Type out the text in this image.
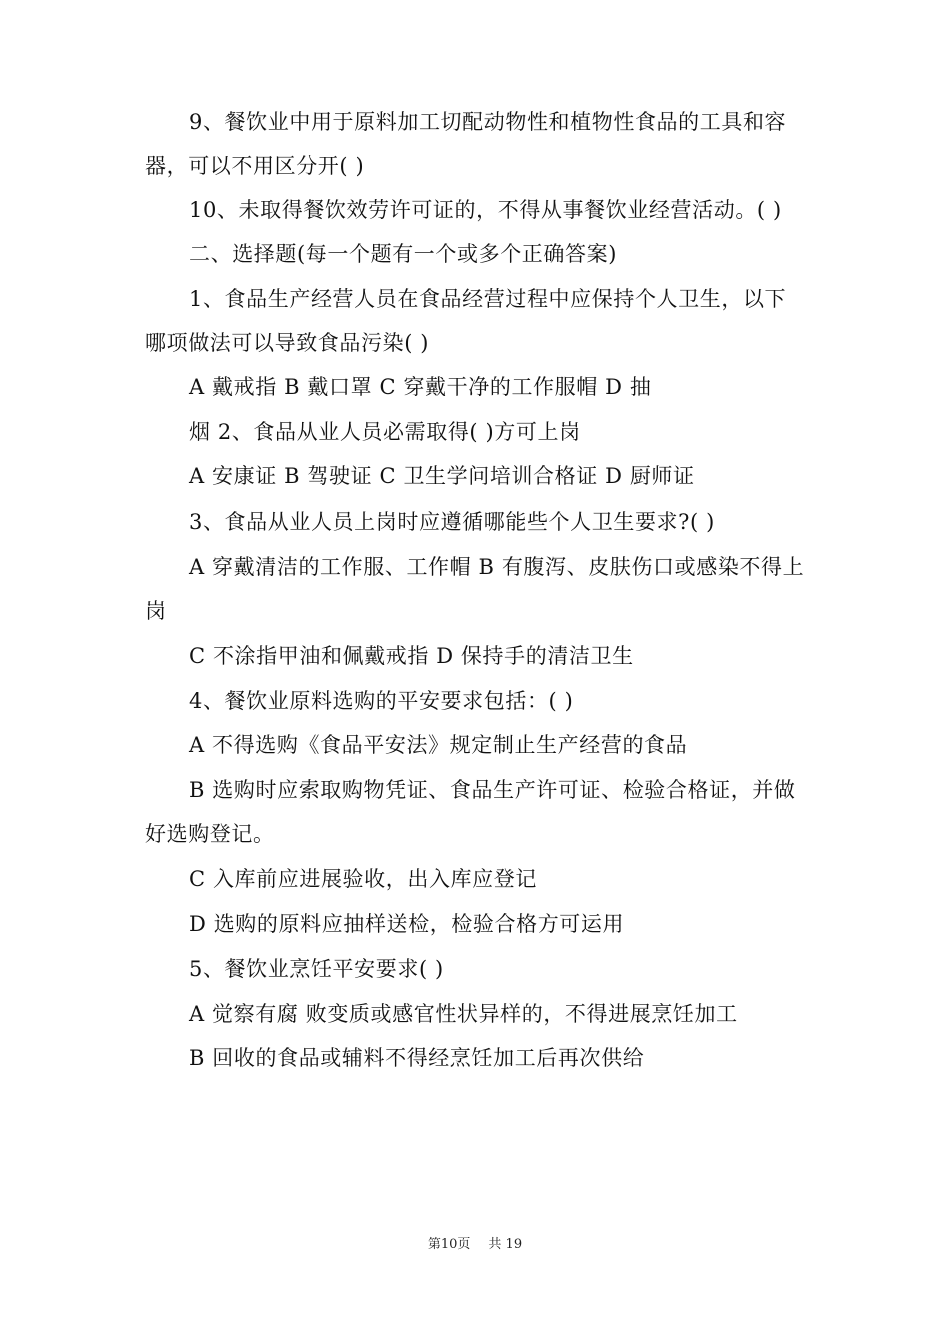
9、餐饮业中用于原料加工切配动物性和植物性食品的工具和容
器，可以不用区分开( )
10、未取得餐饮效劳许可证的，不得从事餐饮业经营活动。( )
二、选择题(每一个题有一个或多个正确答案)
1、食品生产经营人员在食品经营过程中应保持个人卫生，以下
哪项做法可以导致食品污染( )
A 戴戒指 B 戴口罩 C 穿戴干净的工作服帽 D 抽
烟 2、食品从业人员必需取得( )方可上岗
A 安康证 B 驾驶证 C 卫生学问培训合格证 D 厨师证
3、食品从业人员上岗时应遵循哪能些个人卫生要求?( )
A 穿戴清洁的工作服、工作帽 B 有腹泻、皮肤伤口或感染不得上
岗
C 不涂指甲油和佩戴戒指 D 保持手的清洁卫生
4、餐饮业原料选购的平安要求包括：( )
A 不得选购《食品平安法》规定制止生产经营的食品
B 选购时应索取购物凭证、食品生产许可证、检验合格证，并做
好选购登记。
C 入库前应进展验收，出入库应登记
D 选购的原料应抽样送检，检验合格方可运用
5、餐饮业烹饪平安要求( )
A 觉察有腐 败变质或感官性状异样的，不得进展烹饪加工
B 回收的食品或辅料不得经烹饪加工后再次供给
第10页 共 19
